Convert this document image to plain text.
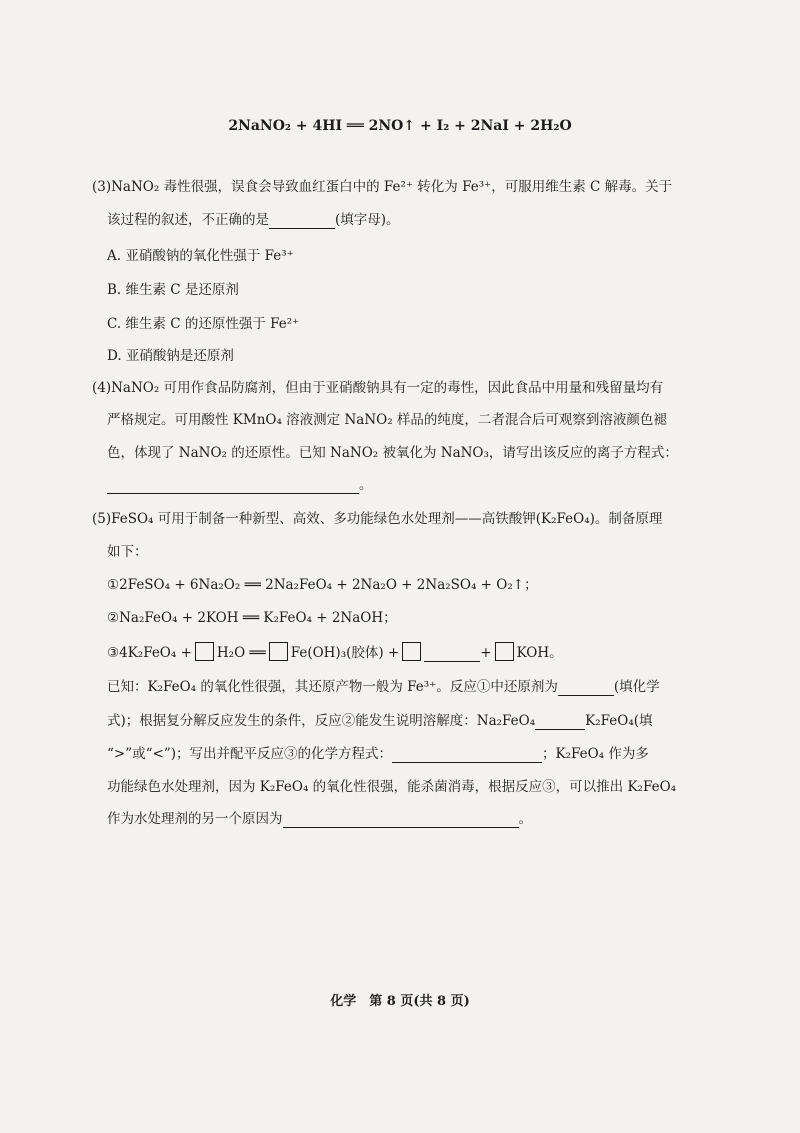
2NaNO₂ + 4HI ══ 2NO↑ + I₂ + 2NaI + 2H₂O
(3)NaNO₂ 毒性很强，误食会导致血红蛋白中的 Fe²⁺ 转化为 Fe³⁺，可服用维生素 C 解毒。关于
该过程的叙述，不正确的是	(填字母)。
A. 亚硝酸钠的氧化性强于 Fe³⁺
B. 维生素 C 是还原剂
C. 维生素 C 的还原性强于 Fe²⁺
D. 亚硝酸钠是还原剂
(4)NaNO₂ 可用作食品防腐剂，但由于亚硝酸钠具有一定的毒性，因此食品中用量和残留量均有
严格规定。可用酸性 KMnO₄ 溶液测定 NaNO₂ 样品的纯度，二者混合后可观察到溶液颜色褪
色，体现了 NaNO₂ 的还原性。已知 NaNO₂ 被氧化为 NaNO₃，请写出该反应的离子方程式：
。
(5)FeSO₄ 可用于制备一种新型、高效、多功能绿色水处理剂——高铁酸钾(K₂FeO₄)。制备原理
如下：
①2FeSO₄ + 6Na₂O₂ ══ 2Na₂FeO₄ + 2Na₂O + 2Na₂SO₄ + O₂↑；
②Na₂FeO₄ + 2KOH ══ K₂FeO₄ + 2NaOH；
③4K₂FeO₄ + H₂O ══ Fe(OH)₃(胶体) +	+ KOH。
已知：K₂FeO₄ 的氧化性很强，其还原产物一般为 Fe³⁺。反应①中还原剂为	(填化学
式)；根据复分解反应发生的条件，反应②能发生说明溶解度：Na₂FeO₄	K₂FeO₄(填
“>”或“<”)；写出并配平反应③的化学方程式：	；K₂FeO₄ 作为多
功能绿色水处理剂，因为 K₂FeO₄ 的氧化性很强，能杀菌消毒，根据反应③，可以推出 K₂FeO₄
作为水处理剂的另一个原因为	。
化学　第 8 页(共 8 页)
